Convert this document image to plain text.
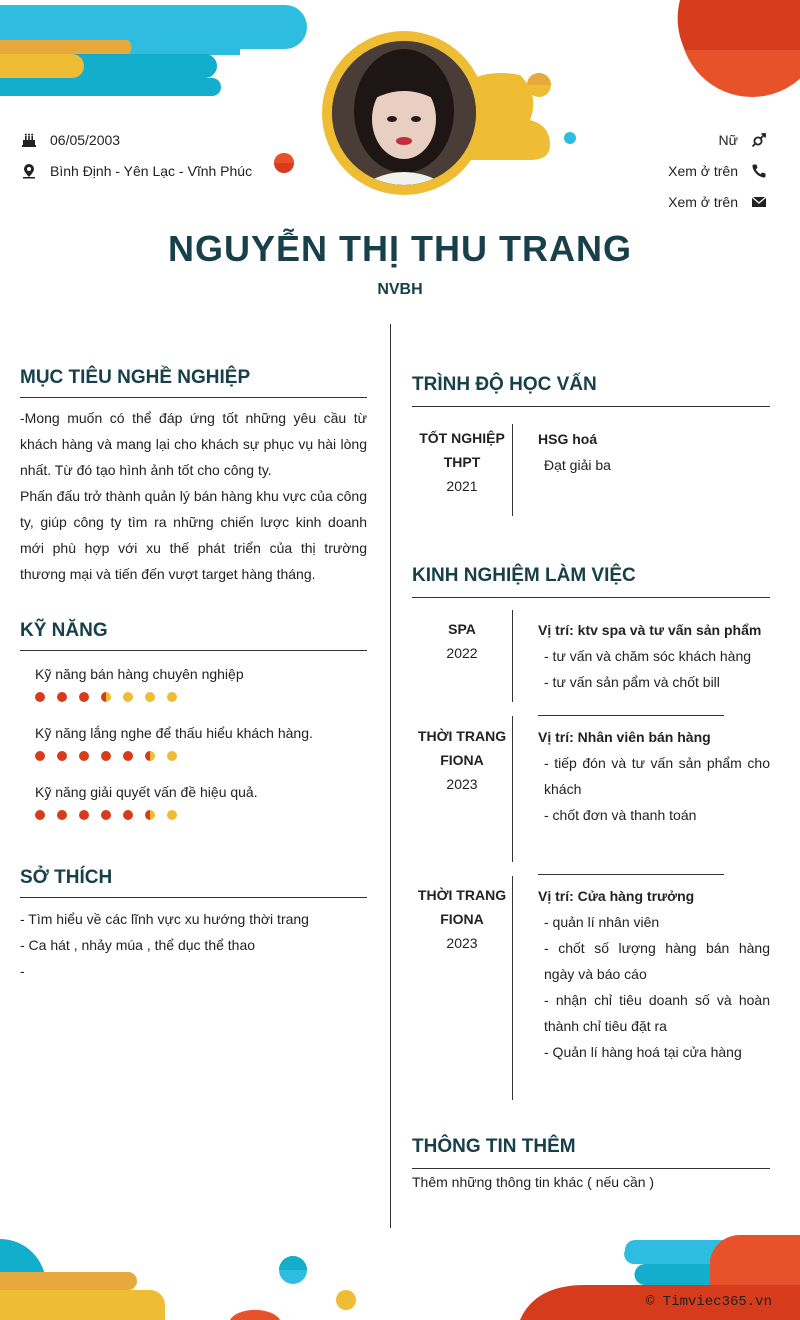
06/05/2003
Bình Định - Yên Lạc - Vĩnh Phúc
Nữ
Xem ở trên
Xem ở trên
NGUYỄN THỊ THU TRANG
NVBH
MỤC TIÊU NGHỀ NGHIỆP
-Mong muốn có thể đáp ứng tốt những yêu cầu từ khách hàng và mang lại cho khách sự phục vụ hài lòng nhất. Từ đó tạo hình ảnh tốt cho công ty.
Phấn đấu trở thành quản lý bán hàng khu vực của công ty, giúp công ty tìm ra những chiến lược kinh doanh mới phù hợp với xu thế phát triển của thị trường thương mại và tiến đến vượt target hàng tháng.
KỸ NĂNG
Kỹ năng bán hàng chuyên nghiệp
Kỹ năng lắng nghe để thấu hiểu khách hàng.
Kỹ năng giải quyết vấn đề hiệu quả.
SỞ THÍCH
- Tìm hiểu về các lĩnh vực xu hướng thời trang
- Ca hát , nhảy múa , thể dục thể thao
-
TRÌNH ĐỘ HỌC VẤN
TỐT NGHIỆP
THPT
2021
HSG hoá
Đạt giải ba
KINH NGHIỆM LÀM VIỆC
SPA
2022
Vị trí: ktv spa và tư vấn sản phẩm
- tư vấn và chăm sóc khách hàng
- tư vấn sản pẩm và chốt bill
THỜI TRANG
FIONA
2023
Vị trí: Nhân viên bán hàng
- tiếp đón và tư vấn sản phẩm cho khách
- chốt đơn và thanh toán
THỜI TRANG
FIONA
2023
Vị trí: Cửa hàng trưởng
- quản lí nhân viên
- chốt số lượng hàng bán hàng ngày và báo cáo
- nhận chỉ tiêu doanh số và hoàn thành chỉ tiêu đặt ra
- Quản lí hàng hoá tại cửa hàng
THÔNG TIN THÊM
Thêm những thông tin khác ( nếu cần )
© Timviec365.vn
